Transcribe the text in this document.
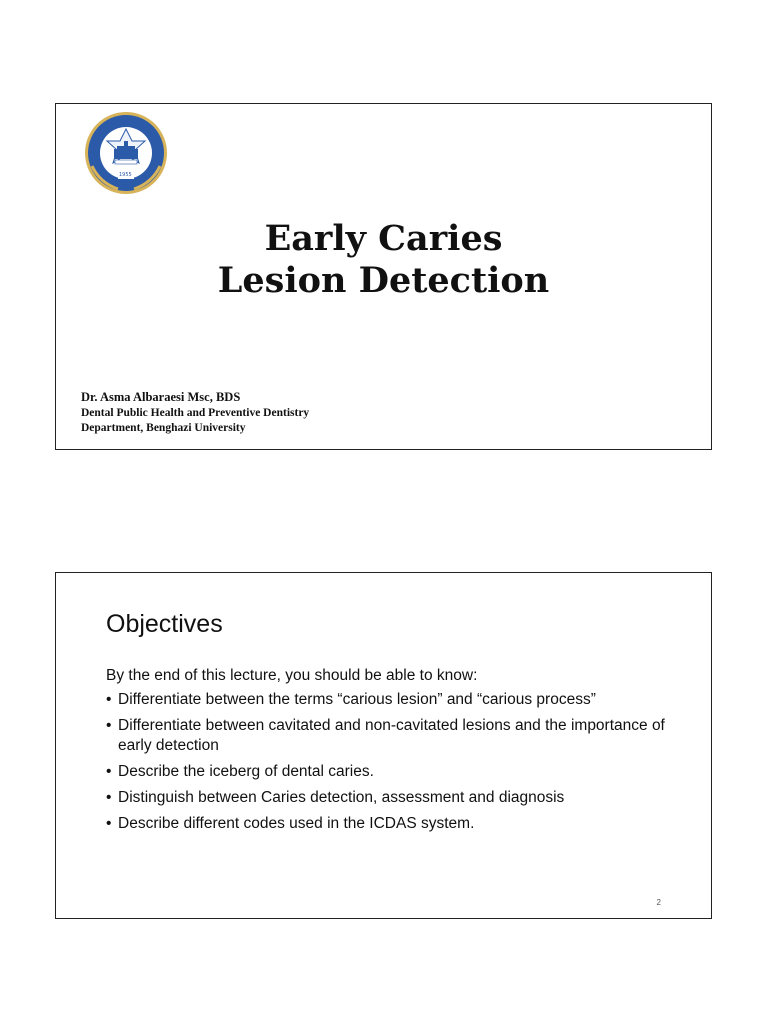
1955
Early Caries
Lesion Detection
Dr. Asma Albaraesi Msc, BDS
Dental Public Health and Preventive Dentistry
Department, Benghazi University
Objectives
By the end of this lecture, you should be able to know:
• Differentiate between the terms “carious lesion” and “carious process”
• Differentiate between cavitated and non-cavitated lesions and the importance of early detection
• Describe the iceberg of dental caries.
• Distinguish between Caries detection, assessment and diagnosis
• Describe different codes used in the ICDAS system.
2
